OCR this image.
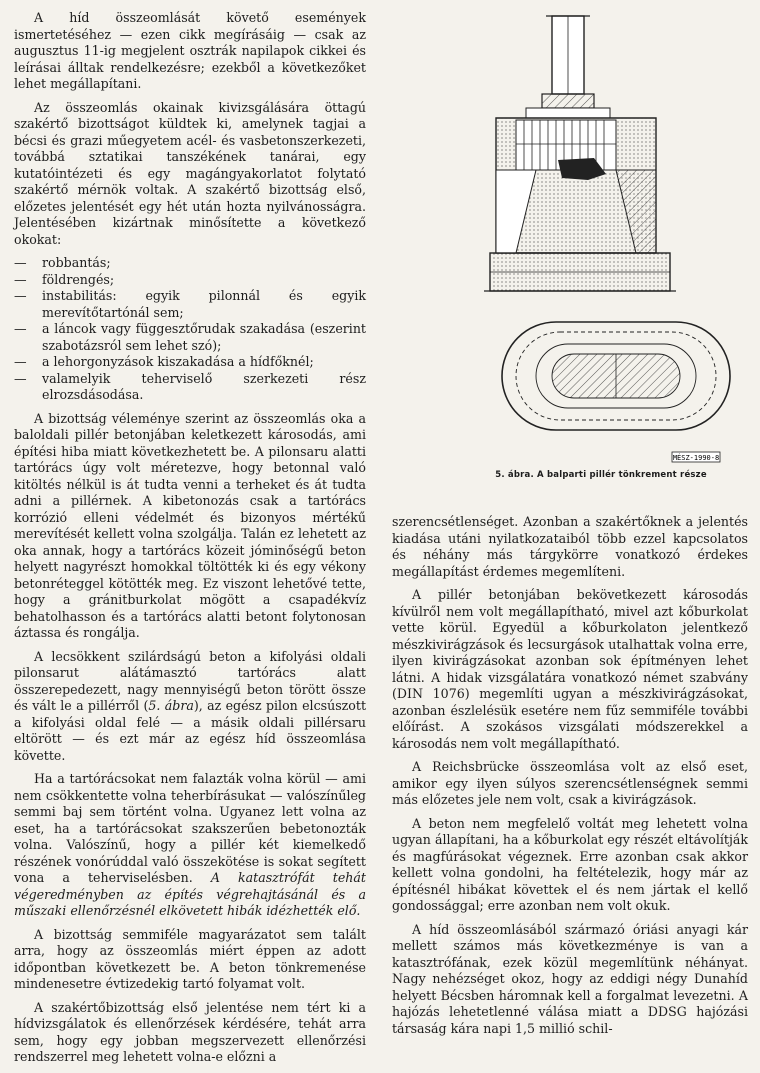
A híd összeomlását követő események ismertetéséhez — ezen cikk megírásáig — csak az augusztus 11-ig megjelent osztrák napilapok cikkei és leírásai álltak rendelkezésre; ezekből a következőket lehet megállapítani.

Az összeomlás okainak kivizsgálására öttagú szakértő bizottságot küldtek ki, amelynek tagjai a bécsi és grazi műegyetem acél- és vasbetonszerkezeti, továbbá sztatikai tanszékének tanárai, egy kutatóintézeti és egy magángyakorlatot folytató szakértő mérnök voltak. A szakértő bizottság első, előzetes jelentését egy hét után hozta nyilvánosságra. Jelentésében kizártnak minősítette a következő okokat:

— robbantás;
— földrengés;
— instabilitás: egyik pilonnál és egyik merevítőtartónál sem;
— a láncok vagy függesztőrudak szakadása (eszerint szabotázsról sem lehet szó);
— a lehorgonyzások kiszakadása a hídfőknél;
— valamelyik teherviselő szerkezeti rész elrozsdásodása.

A bizottság véleménye szerint az összeomlás oka a baloldali pillér betonjában keletkezett károsodás, ami építési hiba miatt következhetett be. A pilonsaru alatti tartórács úgy volt méretezve, hogy betonnal való kitöltés nélkül is át tudta venni a terheket és át tudta adni a pillérnek. A kibetonozás csak a tartórács korrózió elleni védelmét és bizonyos mértékű merevítését kellett volna szolgálja. Talán ez lehetett az oka annak, hogy a tartórács közeit jóminőségű beton helyett nagyrészt homokkal töltötték ki és egy vékony betonréteggel kötötték meg. Ez viszont lehetővé tette, hogy a gránitburkolat mögött a csapadékvíz behatolhasson és a tartórács alatti betont folytonosan áztassa és rongálja.

A lecsökkent szilárdságú beton a kifolyási oldali pilonsarut alátámasztó tartórács alatt összerepedezett, nagy mennyiségű beton törött össze és vált le a pillérről (5. ábra), az egész pilon elcsúszott a kifolyási oldal felé — a másik oldali pillérsaru eltörött — és ezt már az egész híd összeomlása követte.

Ha a tartórácsokat nem falazták volna körül — ami nem csökkentette volna teherbírásukat — valószínűleg semmi baj sem történt volna. Ugyanez lett volna az eset, ha a tartórácsokat szakszerűen bebetonozták volna. Valószínű, hogy a pillér két kiemelkedő részének vonórúddal való összekötése is sokat segített vona a teherviselésben. A katasztrófát tehát végeredményben az építés végrehajtásánál és a műszaki ellenőrzésnél elkövetett hibák idézhették elő.

A bizottság semmiféle magyarázatot sem talált arra, hogy az összeomlás miért éppen az adott időpontban következett be. A beton tönkremenése mindenesetre évtizedekig tartó folyamat volt.

A szakértőbizottság első jelentése nem tért ki a hídvizsgálatok és ellenőrzések kérdésére, tehát arra sem, hogy egy jobban megszervezett ellenőrzési rendszerrel meg lehetett volna-e előzni a

MÉSZ-1990-8
5. ábra. A balparti pillér tönkrement része

szerencsétlenséget. Azonban a szakértőknek a jelentés kiadása utáni nyilatkozataiból több ezzel kapcsolatos és néhány más tárgykörre vonatkozó érdekes megállapítást érdemes megemlíteni.

A pillér betonjában bekövetkezett károsodás kívülről nem volt megállapítható, mivel azt kőburkolat vette körül. Egyedül a kőburkolaton jelentkező mészkivirágzások és lecsurgások utalhattak volna erre, ilyen kivirágzásokat azonban sok építményen lehet látni. A hidak vizsgálatára vonatkozó német szabvány (DIN 1076) megemlíti ugyan a mészkivirágzásokat, azonban észlelésük esetére nem fűz semmiféle további előírást. A szokásos vizsgálati módszerekkel a károsodás nem volt megállapítható.

A Reichsbrücke összeomlása volt az első eset, amikor egy ilyen súlyos szerencsétlenségnek semmi más előzetes jele nem volt, csak a kivirágzások.

A beton nem megfelelő voltát meg lehetett volna ugyan állapítani, ha a kőburkolat egy részét eltávolítják és magfúrásokat végeznek. Erre azonban csak akkor kellett volna gondolni, ha feltételezik, hogy már az építésnél hibákat követtek el és nem jártak el kellő gondossággal; erre azonban nem volt okuk.

A híd összeomlásából származó óriási anyagi kár mellett számos más következménye is van a katasztrófának, ezek közül megemlítünk néhányat. Nagy nehézséget okoz, hogy az eddigi négy Dunahíd helyett Bécsben háromnak kell a forgalmat levezetni. A hajózás lehetetlenné válása miatt a DDSG hajózási társaság kára napi 1,5 millió schil-
